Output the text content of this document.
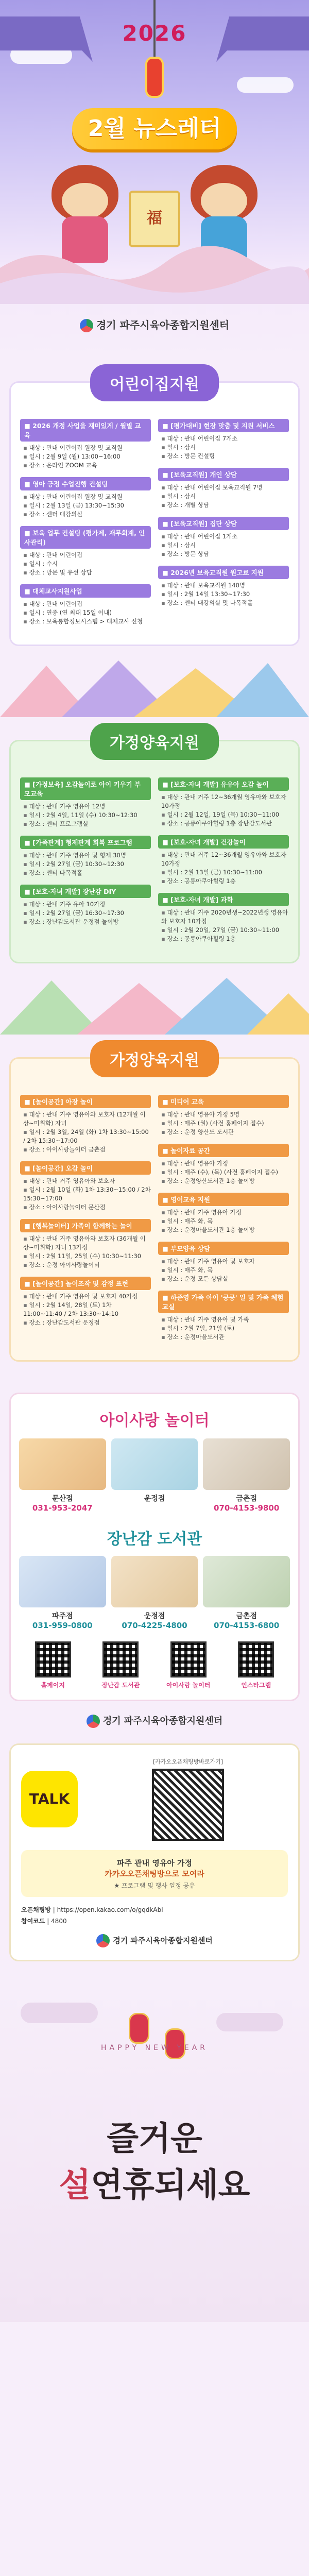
2026
2월 뉴스레터
福
경기 파주시육아종합지원센터
어린이집지원
■ 2026 개정 사업을 재미있게 / 월별 교육
▪ 대상 : 관내 어린이집 원장 및 교직원
▪ 일시 : 2월 9일 (월) 13:00~16:00
▪ 장소 : 온라인 ZOOM 교육
■ 영아 긍정 수업진행 컨설팅
▪ 대상 : 관내 어린이집 원장 및 교직원
▪ 일시 : 2월 13일 (금) 13:30~15:30
▪ 장소 : 센터 대강의실
■ 보육 업무 컨설팅 (평가제, 재무회계, 인사관리)
▪ 대상 : 관내 어린이집
▪ 일시 : 수시
▪ 장소 : 방문 및 유선 상담
■ 대체교사지원사업
▪ 대상 : 관내 어린이집
▪ 일시 : 연중 (연 최대 15일 이내)
▪ 장소 : 보육통합정보시스템 > 대체교사 신청
■ [평가대비] 현장 맞춤 및 지원 서비스
▪ 대상 : 관내 어린이집 7개소
▪ 일시 : 상시
▪ 장소 : 방문 컨설팅
■ [보육교직원] 개인 상담
▪ 대상 : 관내 어린이집 보육교직원 7명
▪ 일시 : 상시
▪ 장소 : 개별 상담
■ [보육교직원] 집단 상담
▪ 대상 : 관내 어린이집 1개소
▪ 일시 : 상시
▪ 장소 : 방문 상담
■ 2026년 보육교직원 원고료 지원
▪ 대상 : 관내 보육교직원 140명
▪ 일시 : 2월 14일 13:30~17:30
▪ 장소 : 센터 대강의실 및 다목적홀
가정양육지원
■ [가정보육] 오감놀이로 아이 키우기 부모교육
▪ 대상 : 관내 거주 영유아 12명
▪ 일시 : 2월 4일, 11일 (수) 10:30~12:30
▪ 장소 : 센터 프로그램실
■ [가족관계] 형제관계 회복 프로그램
▪ 대상 : 관내 거주 영유아 및 형제 30명
▪ 일시 : 2월 27일 (금) 10:30~12:30
▪ 장소 : 센터 다목적홀
■ [보호·자녀 개발] 장난감 DIY
▪ 대상 : 관내 거주 유아 10가정
▪ 일시 : 2월 27일 (금) 16:30~17:30
▪ 장소 : 장난감도서관 운정점 놀이방
■ [보호·자녀 개발] 유유아 오감 놀이
▪ 대상 : 관내 거주 12~36개월 영유아와 보호자 10가정
▪ 일시 : 2월 12일, 19일 (목) 10:30~11:00
▪ 장소 : 공릉아쿠아힐링 1층 장난감도서관
■ [보호·자녀 개발] 건강놀이
▪ 대상 : 관내 거주 12~36개월 영유아와 보호자 10가정
▪ 일시 : 2월 13일 (금) 10:30~11:00
▪ 장소 : 공릉아쿠아힐링 1층
■ [보호·자녀 개발] 과학
▪ 대상 : 관내 거주 2020년생~2022년생 영유아와 보호자 10가정
▪ 일시 : 2월 20일, 27일 (금) 10:30~11:00
▪ 장소 : 공릉아쿠아힐링 1층
가정양육지원
■ [놀이공간] 아장 놀이
▪ 대상 : 관내 거주 영유아와 보호자 (12개월 이상~미취학) 자녀
▪ 일시 : 2월 3일, 24일 (화) 1차 13:30~15:00 / 2차 15:30~17:00
▪ 장소 : 아이사랑놀이터 금촌점
■ [놀이공간] 오감 놀이
▪ 대상 : 관내 거주 영유아와 보호자
▪ 일시 : 2월 10일 (화) 1차 13:30~15:00 / 2차 15:30~17:00
▪ 장소 : 아이사랑놀이터 문산점
■ [행복놀이터] 가족이 함께하는 놀이
▪ 대상 : 관내 거주 영유아와 보호자 (36개월 이상~미취학) 자녀 13가정
▪ 일시 : 2월 11일, 25일 (수) 10:30~11:30
▪ 장소 : 운정 아이사랑놀이터
■ [놀이공간] 놀이조작 및 감정 표현
▪ 대상 : 관내 거주 영유아 및 보호자 40가정
▪ 일시 : 2월 14일, 28일 (토) 1차 11:00~11:40 / 2차 13:30~14:10
▪ 장소 : 장난감도서관 운정점
■ 미디어 교육
▪ 대상 : 관내 영유아 가정 5명
▪ 일시 : 매주 (월) (사전 홈페이지 접수)
▪ 장소 : 운정 양산도 도서관
■ 놀이자료 공간
▪ 대상 : 관내 영유아 가정
▪ 일시 : 매주 (수), (목) (사전 홈페이지 접수)
▪ 장소 : 운정양산도서관 1층 놀이방
■ 영어교육 지원
▪ 대상 : 관내 거주 영유아 가정
▪ 일시 : 매주 화, 목
▪ 장소 : 운정마을도서관 1층 놀이방
■ 부모양육 상담
▪ 대상 : 관내 거주 영유아 및 보호자
▪ 일시 : 매주 화, 목
▪ 장소 : 운정 모든 상담실
■ 하준영 가족 아이 '쿵쿵' 일 및 가족 체험교실
▪ 대상 : 관내 거주 영유아 및 가족
▪ 일시 : 2월 7일, 21일 (토)
▪ 장소 : 운정마을도서관
아이사랑 놀이터
문산점
031-953-2047
운정점	금촌점
070-4153-9800
장난감 도서관
파주점
031-959-0800
운정점
070-4225-4800
금촌점
070-4153-6800
홈페이지	장난감 도서관	아이사랑 놀이터	인스타그램
경기 파주시육아종합지원센터
TALK
[카카오오픈채팅방바로가기]
파주 관내 영유아 가정
카카오오픈채팅방으로 모여라
★ 프로그램 및 행사 일정 공유
오픈채팅방 | https://open.kakao.com/o/gqdkAbl
참여코드 | 4800
경기 파주시육아종합지원센터
HAPPY NEW YEAR
즐거운
설연휴되세요
